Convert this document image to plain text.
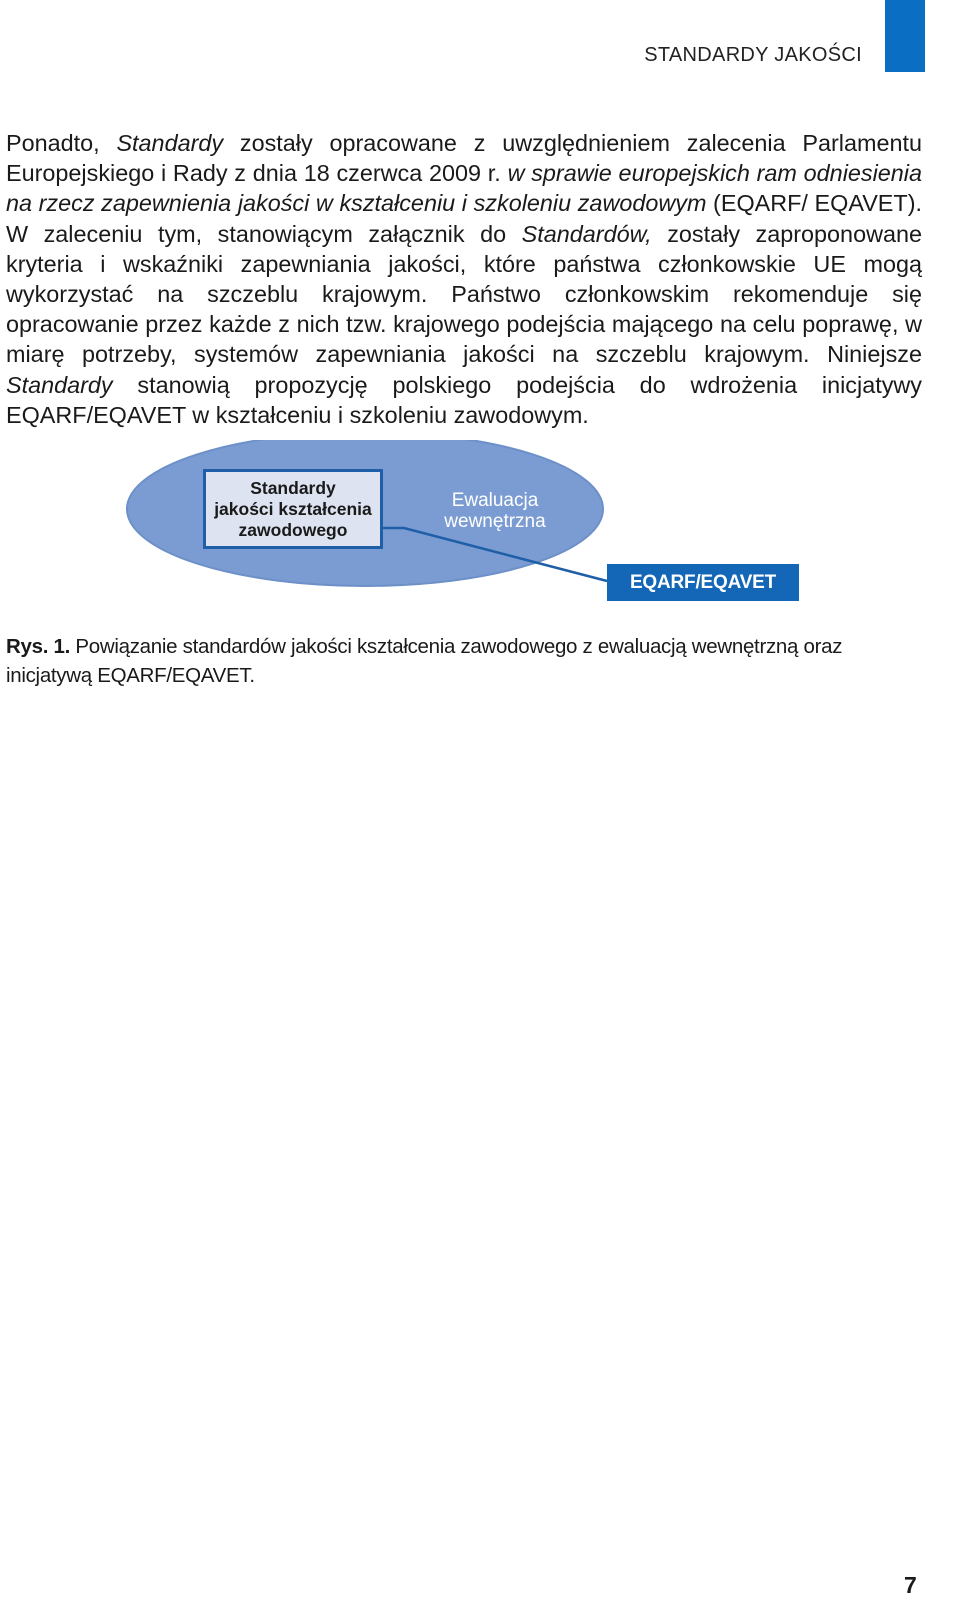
STANDARDY JAKOŚCI

Ponadto, Standardy zostały opracowane z uwzględnieniem zalecenia Parlamentu Europejskiego i Rady z dnia 18 czerwca 2009 r. w sprawie europejskich ram odniesienia na rzecz zapewnienia jakości w kształceniu i szkoleniu zawodowym (EQARF/ EQAVET). W zaleceniu tym, stanowiącym załącznik do Standardów, zostały zaproponowane kryteria i wskaźniki zapewniania jakości, które państwa członkowskie UE mogą wykorzystać na szczeblu krajowym. Państwo członkowskim rekomenduje się opracowanie przez każde z nich tzw. krajowego podejścia mającego na celu poprawę, w miarę potrzeby, systemów zapewniania jakości na szczeblu krajowym. Niniejsze Standardy stanowią propozycję polskiego podejścia do wdrożenia inicjatywy EQARF/EQAVET w kształceniu i szkoleniu zawodowym.

Standardy
jakości kształcenia
zawodowego
Ewaluacja
wewnętrzna
EQARF/EQAVET

Rys. 1. Powiązanie standardów jakości kształcenia zawodowego z ewaluacją wewnętrzną oraz inicjatywą EQARF/EQAVET.

7
